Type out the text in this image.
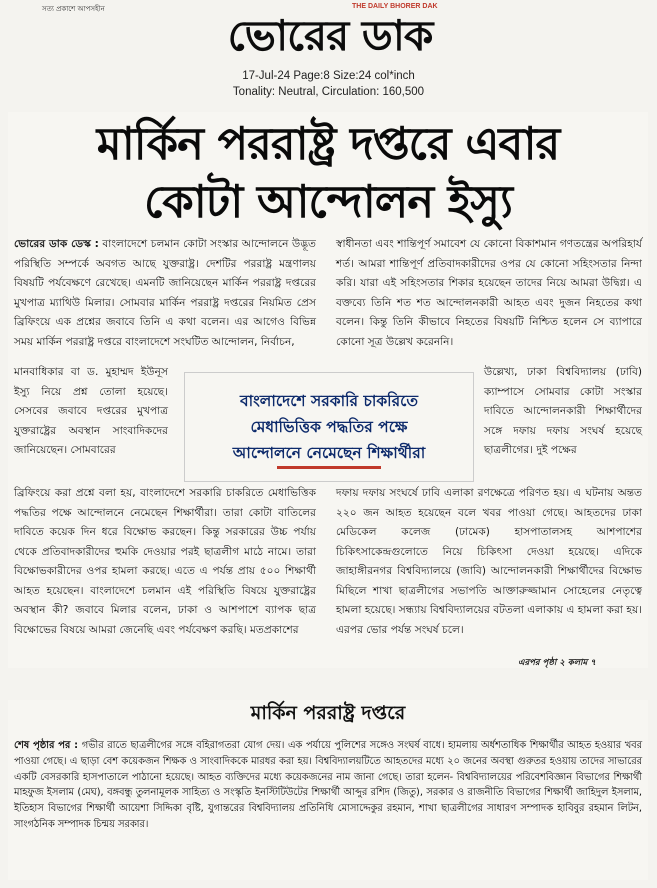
সত্য প্রকাশে আপসহীন	THE DAILY BHORER DAK
ভোরের ডাক
17-Jul-24 Page:8 Size:24 col*inch
Tonality: Neutral, Circulation: 160,500
মার্কিন পররাষ্ট্র দপ্তরে এবার
কোটা আন্দোলন ইস্যু

ভোরের ডাক ডেস্ক : বাংলাদেশে চলমান কোটা সংস্কার আন্দোলনে উদ্ভূত পরিস্থিতি সম্পর্কে অবগত আছে যুক্তরাষ্ট্র। দেশটির পররাষ্ট্র মন্ত্রণালয় বিষয়টি পর্যবেক্ষণে রেখেছে। এমনটি জানিয়েছেন মার্কিন পররাষ্ট্র দপ্তরের মুখপাত্র ম্যাথিউ মিলার। সোমবার মার্কিন পররাষ্ট্র দপ্তরের নিয়মিত প্রেস ব্রিফিংয়ে এক প্রশ্নের জবাবে তিনি এ কথা বলেন। এর আগেও বিভিন্ন সময় মার্কিন পররাষ্ট্র দপ্তরে বাংলাদেশে সংঘটিত আন্দোলন, নির্বাচন,

মানবাধিকার বা ড. মুহাম্মদ ইউনূস ইস্যু নিয়ে প্রশ্ন তোলা হয়েছে। সেসবের জবাবে দপ্তরের মুখপাত্র যুক্তরাষ্ট্রের অবস্থান সাংবাদিকদের জানিয়েছেন। সোমবারের
ব্রিফিংয়ে করা প্রশ্নে বলা হয়, বাংলাদেশে সরকারি চাকরিতে মেধাভিত্তিক পদ্ধতির পক্ষে আন্দোলনে নেমেছেন শিক্ষার্থীরা। তারা কোটা বাতিলের দাবিতে কয়েক দিন ধরে বিক্ষোভ করছেন। কিন্তু সরকারের উচ্চ পর্যায় থেকে প্রতিবাদকারীদের হুমকি দেওয়ার পরই ছাত্রলীগ মাঠে নামে। তারা বিক্ষোভকারীদের ওপর হামলা করছে। এতে এ পর্যন্ত প্রায় ৫০০ শিক্ষার্থী আহত হয়েছেন। বাংলাদেশে চলমান এই পরিস্থিতি বিষয়ে যুক্তরাষ্ট্রের অবস্থান কী? জবাবে মিলার বলেন, ঢাকা ও আশপাশে ব্যাপক ছাত্র বিক্ষোভের বিষয়ে আমরা জেনেছি এবং পর্যবেক্ষণ করছি। মতপ্রকাশের
স্বাধীনতা এবং শান্তিপূর্ণ সমাবেশ যে কোনো বিকাশমান গণতন্ত্রের অপরিহার্য শর্ত। আমরা শান্তিপূর্ণ প্রতিবাদকারীদের ওপর যে কোনো সহিংসতার নিন্দা করি। যারা এই সহিংসতার শিকার হয়েছেন তাদের নিয়ে আমরা উদ্বিগ্ন। এ বক্তব্যে তিনি শত শত আন্দোলনকারী আহত এবং দুজন নিহতের কথা বলেন। কিন্তু তিনি কীভাবে নিহতের বিষয়টি নিশ্চিত হলেন সে ব্যাপারে কোনো সূত্র উল্লেখ করেননি।
উল্লেখ্য, ঢাকা বিশ্ববিদ্যালয় (ঢাবি) ক্যাম্পাসে সোমবার কোটা সংস্কার দাবিতে আন্দোলনকারী শিক্ষার্থীদের সঙ্গে দফায় দফায় সংঘর্ষ হয়েছে ছাত্রলীগের। দুই পক্ষের
দফায় দফায় সংঘর্ষে ঢাবি এলাকা রণক্ষেত্রে পরিণত হয়। এ ঘটনায় অন্তত ২২০ জন আহত হয়েছেন বলে খবর পাওয়া গেছে। আহতদের ঢাকা মেডিকেল কলেজ (ঢামেক) হাসপাতালসহ আশপাশের চিকিৎসাকেন্দ্রগুলোতে নিয়ে চিকিৎসা দেওয়া হয়েছে। এদিকে জাহাঙ্গীরনগর বিশ্ববিদ্যালয়ে (জাবি) আন্দোলনকারী শিক্ষার্থীদের বিক্ষোভ মিছিলে শাখা ছাত্রলীগের সভাপতি আক্তারুজ্জামান সোহেলের নেতৃত্বে হামলা হয়েছে। সন্ধ্যায় বিশ্ববিদ্যালয়ের বটতলা এলাকায় এ হামলা করা হয়। এরপর ভোর পর্যন্ত সংঘর্ষ চলে।
বাংলাদেশে সরকারি চাকরিতে
মেধাভিত্তিক পদ্ধতির পক্ষে
আন্দোলনে নেমেছেন শিক্ষার্থীরা
এরপর পৃষ্ঠা ২ কলাম ৭
মার্কিন পররাষ্ট্র দপ্তরে
শেষ পৃষ্ঠার পর : গভীর রাতে ছাত্রলীগের সঙ্গে বহিরাগতরা যোগ দেয়। এক পর্যায়ে পুলিশের সঙ্গেও সংঘর্ষ বাধে। হামলায় অর্ধশতাধিক শিক্ষার্থীর আহত হওয়ার খবর পাওয়া গেছে। এ ছাড়া বেশ কয়েকজন শিক্ষক ও সাংবাদিককে মারধর করা হয়। বিশ্ববিদ্যালয়টিতে আহতদের মধ্যে ২০ জনের অবস্থা গুরুতর হওয়ায় তাদের সাভারের একটি বেসরকারি হাসপাতালে পাঠানো হয়েছে। আহত ব্যক্তিদের মধ্যে কয়েকজনের নাম জানা গেছে। তারা হলেন- বিশ্ববিদ্যালয়ের পরিবেশবিজ্ঞান বিভাগের শিক্ষার্থী মাহফুজ ইসলাম (মেঘ), বঙ্গবন্ধু তুলনামূলক সাহিত্য ও সংস্কৃতি ইনস্টিটিউটের শিক্ষার্থী আব্দুর রশিদ (জিতু), সরকার ও রাজনীতি বিভাগের শিক্ষার্থী জাহিদুল ইসলাম, ইতিহাস বিভাগের শিক্ষার্থী আয়েশা সিদ্দিকা বৃষ্টি, যুগান্তরের বিশ্ববিদ্যালয় প্রতিনিধি মোসাদ্দেকুর রহমান, শাখা ছাত্রলীগের সাধারণ সম্পাদক হাবিবুর রহমান লিটন, সাংগঠনিক সম্পাদক চিন্ময় সরকার।
